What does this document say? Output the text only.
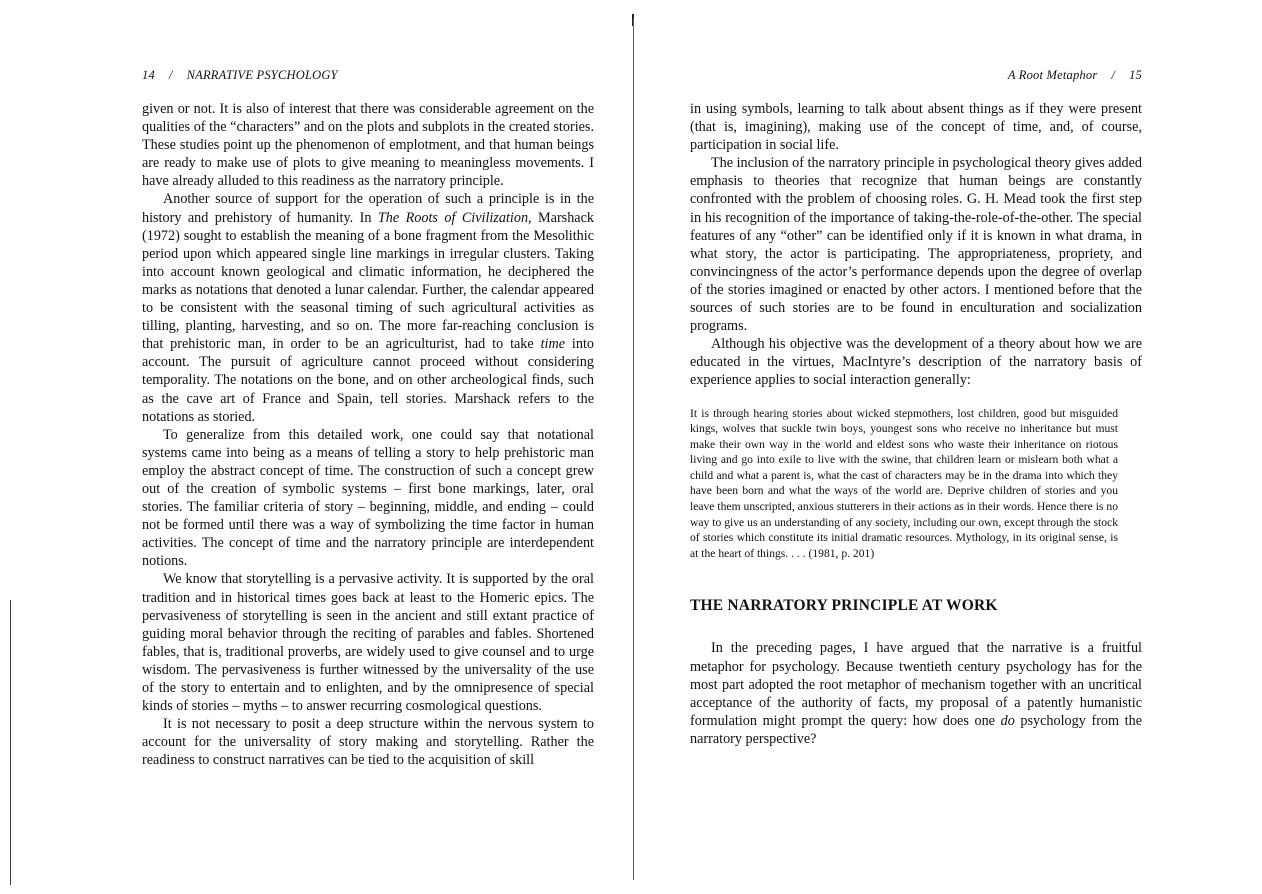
14 / NARRATIVE PSYCHOLOGY

given or not. It is also of interest that there was considerable agreement on the qualities of the “characters” and on the plots and subplots in the created stories. These studies point up the phenomenon of emplotment, and that human beings are ready to make use of plots to give meaning to meaningless movements. I have already alluded to this readiness as the narratory principle.

Another source of support for the operation of such a principle is in the history and prehistory of humanity. In The Roots of Civilization, Marshack (1972) sought to establish the meaning of a bone fragment from the Mesolithic period upon which appeared single line markings in irregular clusters. Taking into account known geological and climatic information, he deciphered the marks as notations that denoted a lunar calendar. Further, the calendar appeared to be consistent with the seasonal timing of such agricultural activities as tilling, planting, harvesting, and so on. The more far-reaching conclusion is that prehistoric man, in order to be an agriculturist, had to take time into account. The pursuit of agriculture cannot proceed without considering temporality. The notations on the bone, and on other archeological finds, such as the cave art of France and Spain, tell stories. Marshack refers to the notations as storied.

To generalize from this detailed work, one could say that notational systems came into being as a means of telling a story to help prehistoric man employ the abstract concept of time. The construction of such a concept grew out of the creation of symbolic systems – first bone markings, later, oral stories. The familiar criteria of story – beginning, middle, and ending – could not be formed until there was a way of symbolizing the time factor in human activities. The concept of time and the narratory principle are interdependent notions.

We know that storytelling is a pervasive activity. It is supported by the oral tradition and in historical times goes back at least to the Homeric epics. The pervasiveness of storytelling is seen in the ancient and still extant practice of guiding moral behavior through the reciting of parables and fables. Shortened fables, that is, traditional proverbs, are widely used to give counsel and to urge wisdom. The pervasiveness is further witnessed by the universality of the use of the story to entertain and to enlighten, and by the omnipresence of special kinds of stories – myths – to answer recurring cosmological questions.

It is not necessary to posit a deep structure within the nervous system to account for the universality of story making and storytelling. Rather the readiness to construct narratives can be tied to the acquisition of skill

A Root Metaphor / 15

in using symbols, learning to talk about absent things as if they were present (that is, imagining), making use of the concept of time, and, of course, participation in social life.

The inclusion of the narratory principle in psychological theory gives added emphasis to theories that recognize that human beings are constantly confronted with the problem of choosing roles. G. H. Mead took the first step in his recognition of the importance of taking-the-role-of-the-other. The special features of any “other” can be identified only if it is known in what drama, in what story, the actor is participating. The appropriateness, propriety, and convincingness of the actor’s performance depends upon the degree of overlap of the stories imagined or enacted by other actors. I mentioned before that the sources of such stories are to be found in enculturation and socialization programs.

Although his objective was the development of a theory about how we are educated in the virtues, MacIntyre’s description of the narratory basis of experience applies to social interaction generally:

It is through hearing stories about wicked stepmothers, lost children, good but misguided kings, wolves that suckle twin boys, youngest sons who receive no inheritance but must make their own way in the world and eldest sons who waste their inheritance on riotous living and go into exile to live with the swine, that children learn or mislearn both what a child and what a parent is, what the cast of characters may be in the drama into which they have been born and what the ways of the world are. Deprive children of stories and you leave them unscripted, anxious stutterers in their actions as in their words. Hence there is no way to give us an understanding of any society, including our own, except through the stock of stories which constitute its initial dramatic resources. Mythology, in its original sense, is at the heart of things. . . . (1981, p. 201)
THE NARRATORY PRINCIPLE AT WORK

In the preceding pages, I have argued that the narrative is a fruitful metaphor for psychology. Because twentieth century psychology has for the most part adopted the root metaphor of mechanism together with an uncritical acceptance of the authority of facts, my proposal of a patently humanistic formulation might prompt the query: how does one do psychology from the narratory perspective?
